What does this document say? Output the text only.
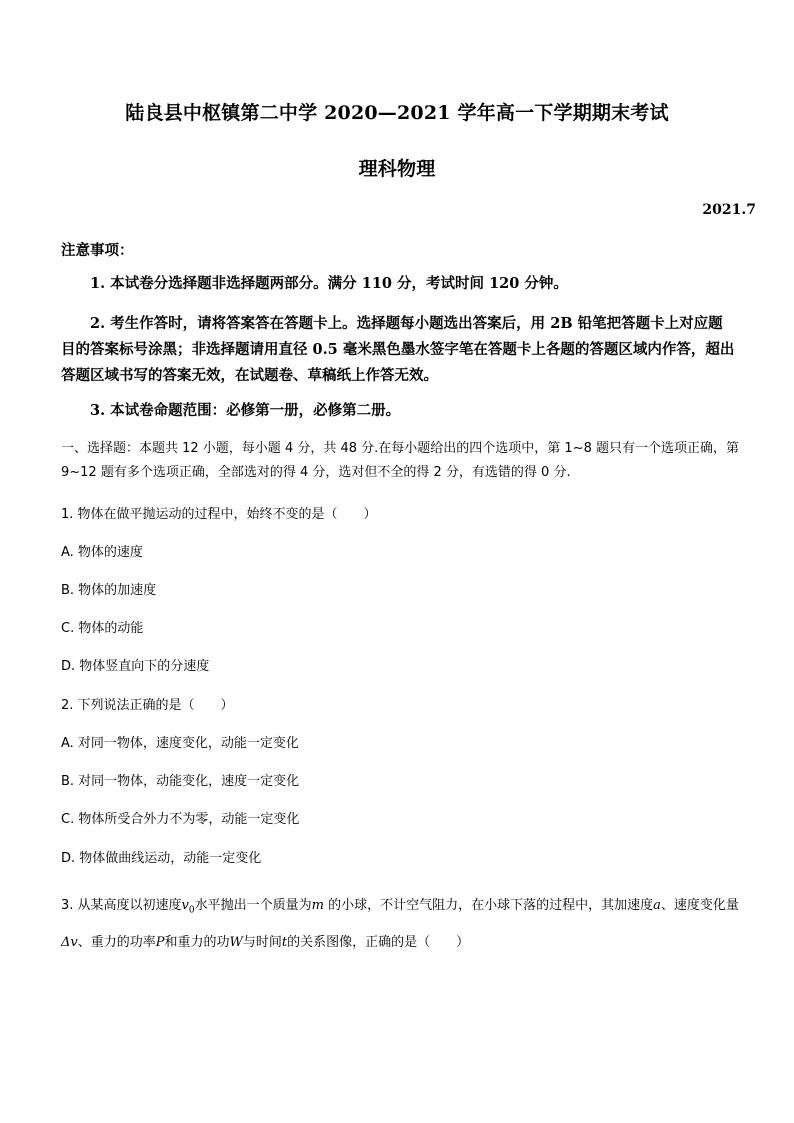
陆良县中枢镇第二中学 2020—2021 学年高一下学期期末考试
理科物理
2021.7
注意事项：
1. 本试卷分选择题非选择题两部分。满分 110 分，考试时间 120 分钟。
2. 考生作答时，请将答案答在答题卡上。选择题每小题选出答案后，用 2B 铅笔把答题卡上对应题目的答案标号涂黑；非选择题请用直径 0.5 毫米黑色墨水签字笔在答题卡上各题的答题区域内作答，超出答题区域书写的答案无效，在试题卷、草稿纸上作答无效。
3. 本试卷命题范围：必修第一册，必修第二册。
一、选择题：本题共 12 小题，每小题 4 分，共 48 分.在每小题给出的四个选项中，第 1~8 题只有一个选项正确，第 9~12 题有多个选项正确，全部选对的得 4 分，选对但不全的得 2 分，有选错的得 0 分.
1. 物体在做平抛运动的过程中，始终不变的是（　　）
A. 物体的速度
B. 物体的加速度
C. 物体的动能
D. 物体竖直向下的分速度
2. 下列说法正确的是（　　）
A. 对同一物体，速度变化，动能一定变化
B. 对同一物体，动能变化，速度一定变化
C. 物体所受合外力不为零，动能一定变化
D. 物体做曲线运动，动能一定变化
3. 从某高度以初速度$v_0$水平抛出一个质量为m 的小球，不计空气阻力，在小球下落的过程中，其加速度a、速度变化量Δv、重力的功率P和重力的功W与时间t的关系图像，正确的是（　　）
